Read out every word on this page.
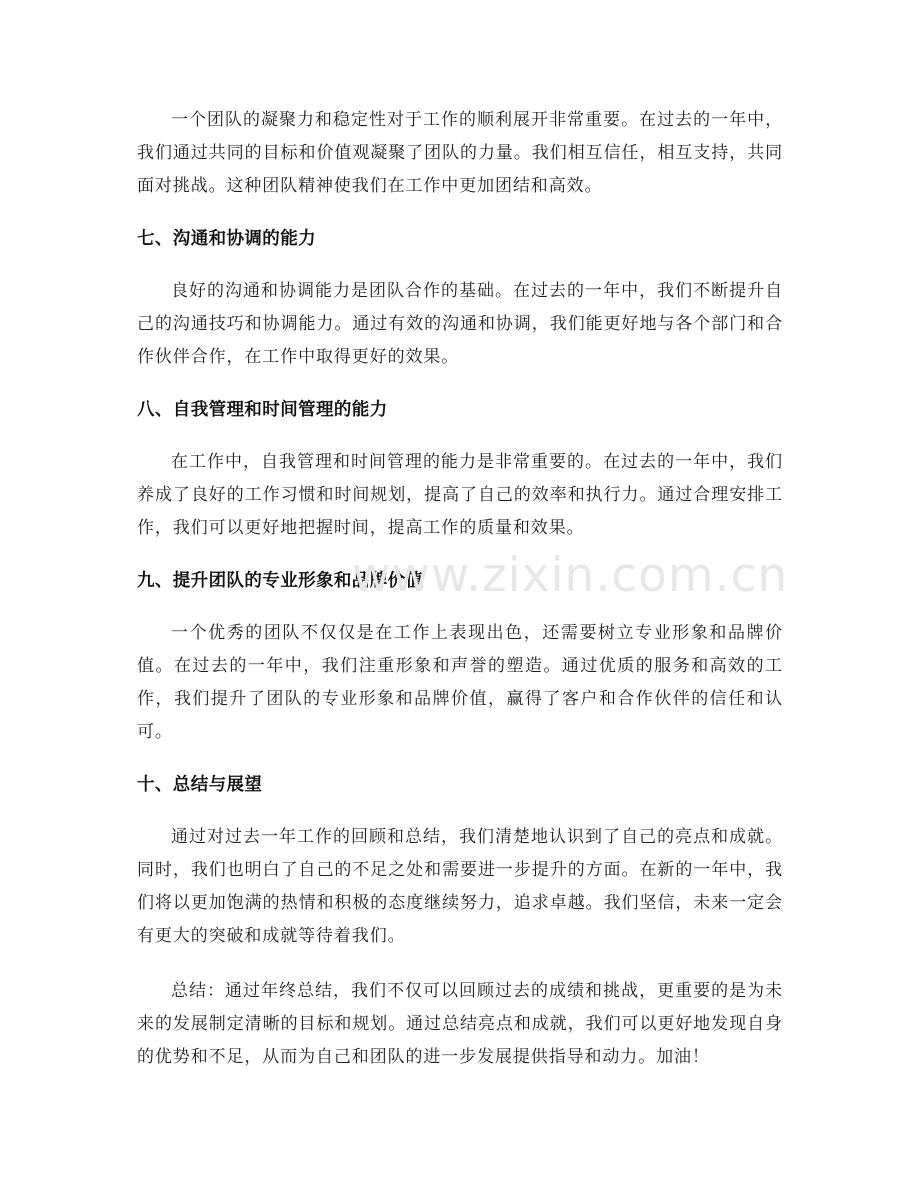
一个团队的凝聚力和稳定性对于工作的顺利展开非常重要。在过去的一年中，我们通过共同的目标和价值观凝聚了团队的力量。我们相互信任，相互支持，共同面对挑战。这种团队精神使我们在工作中更加团结和高效。

七、沟通和协调的能力

良好的沟通和协调能力是团队合作的基础。在过去的一年中，我们不断提升自己的沟通技巧和协调能力。通过有效的沟通和协调，我们能更好地与各个部门和合作伙伴合作，在工作中取得更好的效果。

八、自我管理和时间管理的能力

在工作中，自我管理和时间管理的能力是非常重要的。在过去的一年中，我们养成了良好的工作习惯和时间规划，提高了自己的效率和执行力。通过合理安排工作，我们可以更好地把握时间，提高工作的质量和效果。

九、提升团队的专业形象和品牌价值

一个优秀的团队不仅仅是在工作上表现出色，还需要树立专业形象和品牌价值。在过去的一年中，我们注重形象和声誉的塑造。通过优质的服务和高效的工作，我们提升了团队的专业形象和品牌价值，赢得了客户和合作伙伴的信任和认可。

十、总结与展望

通过对过去一年工作的回顾和总结，我们清楚地认识到了自己的亮点和成就。同时，我们也明白了自己的不足之处和需要进一步提升的方面。在新的一年中，我们将以更加饱满的热情和积极的态度继续努力，追求卓越。我们坚信，未来一定会有更大的突破和成就等待着我们。

总结：通过年终总结，我们不仅可以回顾过去的成绩和挑战，更重要的是为未来的发展制定清晰的目标和规划。通过总结亮点和成就，我们可以更好地发现自身的优势和不足，从而为自己和团队的进一步发展提供指导和动力。加油！

www.zixin.com.cn
